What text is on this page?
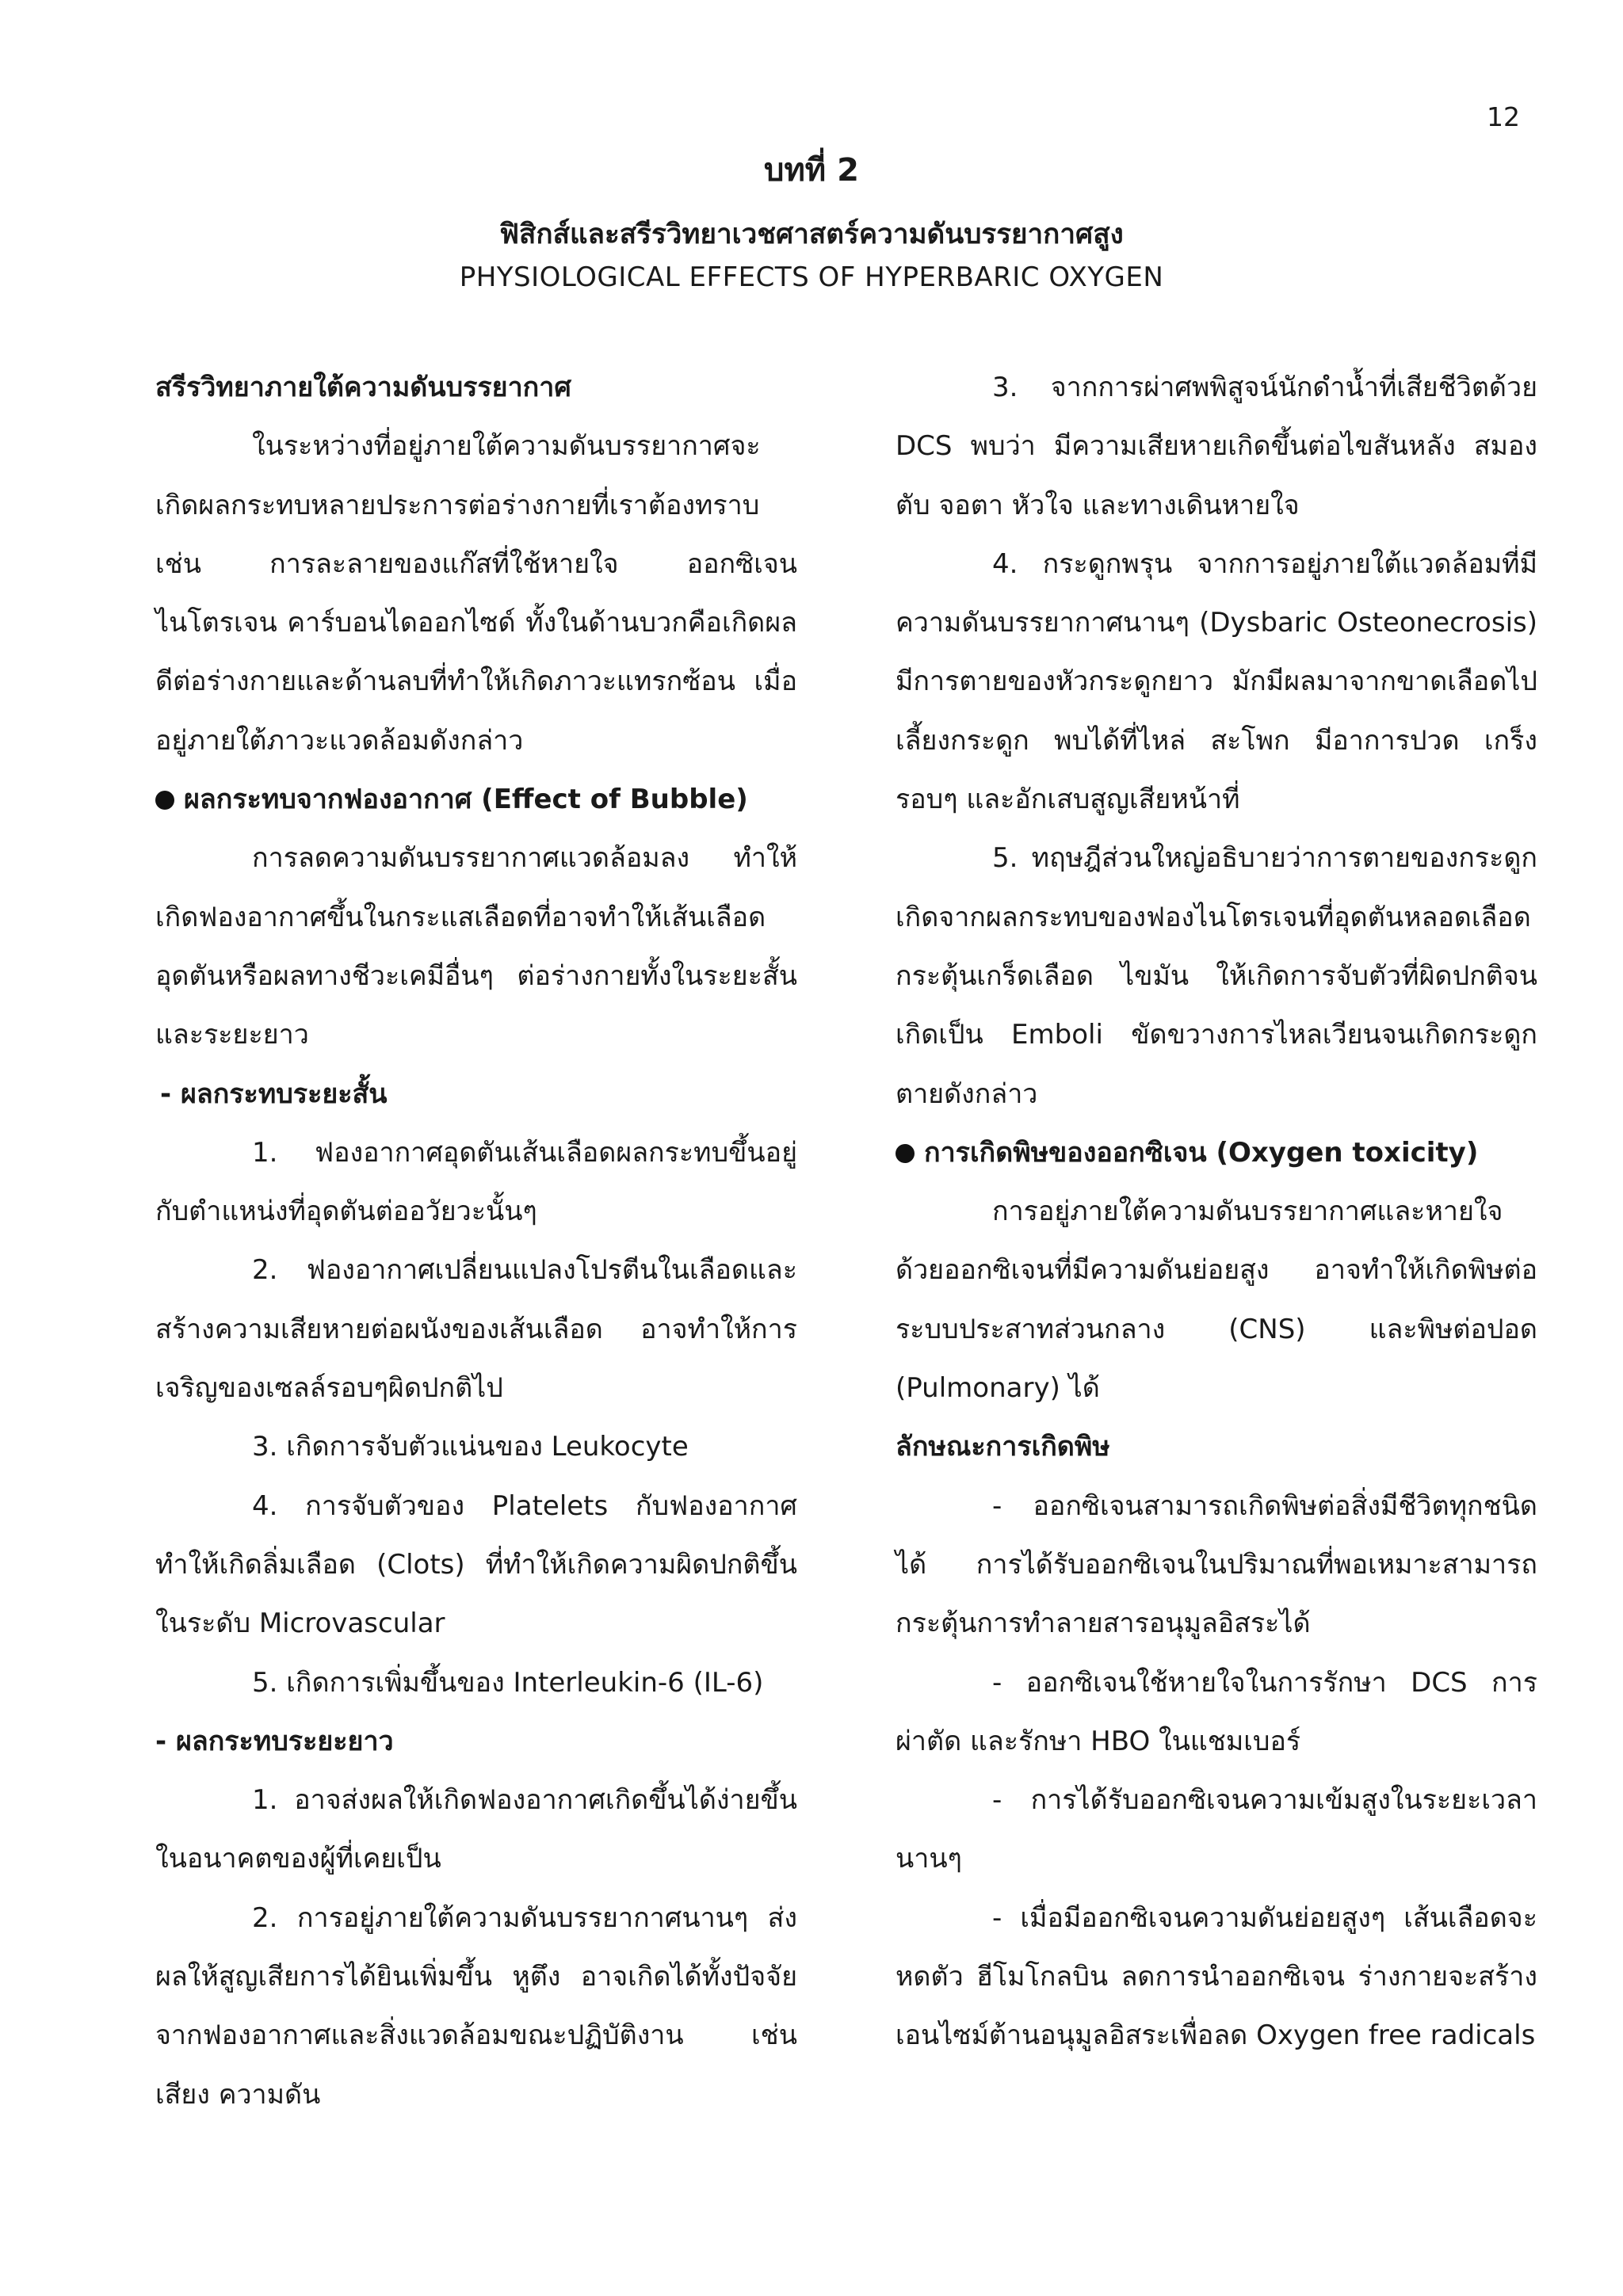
12
บทที่ 2
ฟิสิกส์และสรีรวิทยาเวชศาสตร์ความดันบรรยากาศสูง
PHYSIOLOGICAL EFFECTS OF HYPERBARIC OXYGEN

สรีรวิทยาภายใต้ความดันบรรยากาศ

ในระหว่างที่อยู่ภายใต้ความดันบรรยากาศจะเกิดผลกระทบหลายประการต่อร่างกายที่เราต้องทราบ เช่น การละลายของแก๊สที่ใช้หายใจ ออกซิเจน ไนโตรเจน คาร์บอนไดออกไซด์ ทั้งในด้านบวกคือเกิดผลดีต่อร่างกายและด้านลบที่ทำให้เกิดภาวะแทรกซ้อน เมื่ออยู่ภายใต้ภาวะแวดล้อมดังกล่าว

ผลกระทบจากฟองอากาศ (Effect of Bubble)

การลดความดันบรรยากาศแวดล้อมลง ทำให้เกิดฟองอากาศขึ้นในกระแสเลือดที่อาจทำให้เส้นเลือดอุดตันหรือผลทางชีวะเคมีอื่นๆ ต่อร่างกายทั้งในระยะสั้นและระยะยาว

- ผลกระทบระยะสั้น

1. ฟองอากาศอุดตันเส้นเลือดผลกระทบขึ้นอยู่กับตำแหน่งที่อุดตันต่ออวัยวะนั้นๆ

2. ฟองอากาศเปลี่ยนแปลงโปรตีนในเลือดและสร้างความเสียหายต่อผนังของเส้นเลือด อาจทำให้การเจริญของเซลล์รอบๆผิดปกติไป

3. เกิดการจับตัวแน่นของ Leukocyte

4. การจับตัวของ Platelets กับฟองอากาศทำให้เกิดลิ่มเลือด (Clots) ที่ทำให้เกิดความผิดปกติขึ้นในระดับ Microvascular

5. เกิดการเพิ่มขึ้นของ Interleukin-6 (IL-6)

- ผลกระทบระยะยาว

1. อาจส่งผลให้เกิดฟองอากาศเกิดขึ้นได้ง่ายขึ้นในอนาคตของผู้ที่เคยเป็น

2. การอยู่ภายใต้ความดันบรรยากาศนานๆ ส่งผลให้สูญเสียการได้ยินเพิ่มขึ้น หูตึง อาจเกิดได้ทั้งปัจจัยจากฟองอากาศและสิ่งแวดล้อมขณะปฏิบัติงาน เช่น เสียง ความดัน

3. จากการผ่าศพพิสูจน์นักดำน้ำที่เสียชีวิตด้วย DCS พบว่า มีความเสียหายเกิดขึ้นต่อไขสันหลัง สมอง ตับ จอตา หัวใจ และทางเดินหายใจ

4. กระดูกพรุน จากการอยู่ภายใต้แวดล้อมที่มีความดันบรรยากาศนานๆ (Dysbaric Osteonecrosis) มีการตายของหัวกระดูกยาว มักมีผลมาจากขาดเลือดไปเลี้ยงกระดูก พบได้ที่ไหล่ สะโพก มีอาการปวด เกร็ง รอบๆ และอักเสบสูญเสียหน้าที่

5. ทฤษฎีส่วนใหญ่อธิบายว่าการตายของกระดูกเกิดจากผลกระทบของฟองไนโตรเจนที่อุดตันหลอดเลือด กระตุ้นเกร็ดเลือด ไขมัน ให้เกิดการจับตัวที่ผิดปกติจนเกิดเป็น Emboli ขัดขวางการไหลเวียนจนเกิดกระดูกตายดังกล่าว

การเกิดพิษของออกซิเจน (Oxygen toxicity)

การอยู่ภายใต้ความดันบรรยากาศและหายใจด้วยออกซิเจนที่มีความดันย่อยสูง อาจทำให้เกิดพิษต่อระบบประสาทส่วนกลาง (CNS) และพิษต่อปอด (Pulmonary) ได้

ลักษณะการเกิดพิษ

- ออกซิเจนสามารถเกิดพิษต่อสิ่งมีชีวิตทุกชนิดได้ การได้รับออกซิเจนในปริมาณที่พอเหมาะสามารถกระตุ้นการทำลายสารอนุมูลอิสระได้

- ออกซิเจนใช้หายใจในการรักษา DCS การผ่าตัด และรักษา HBO ในแชมเบอร์

- การได้รับออกซิเจนความเข้มสูงในระยะเวลานานๆ

- เมื่อมีออกซิเจนความดันย่อยสูงๆ เส้นเลือดจะหดตัว ฮีโมโกลบิน ลดการนำออกซิเจน ร่างกายจะสร้างเอนไซม์ต้านอนุมูลอิสระเพื่อลด Oxygen free radicals
